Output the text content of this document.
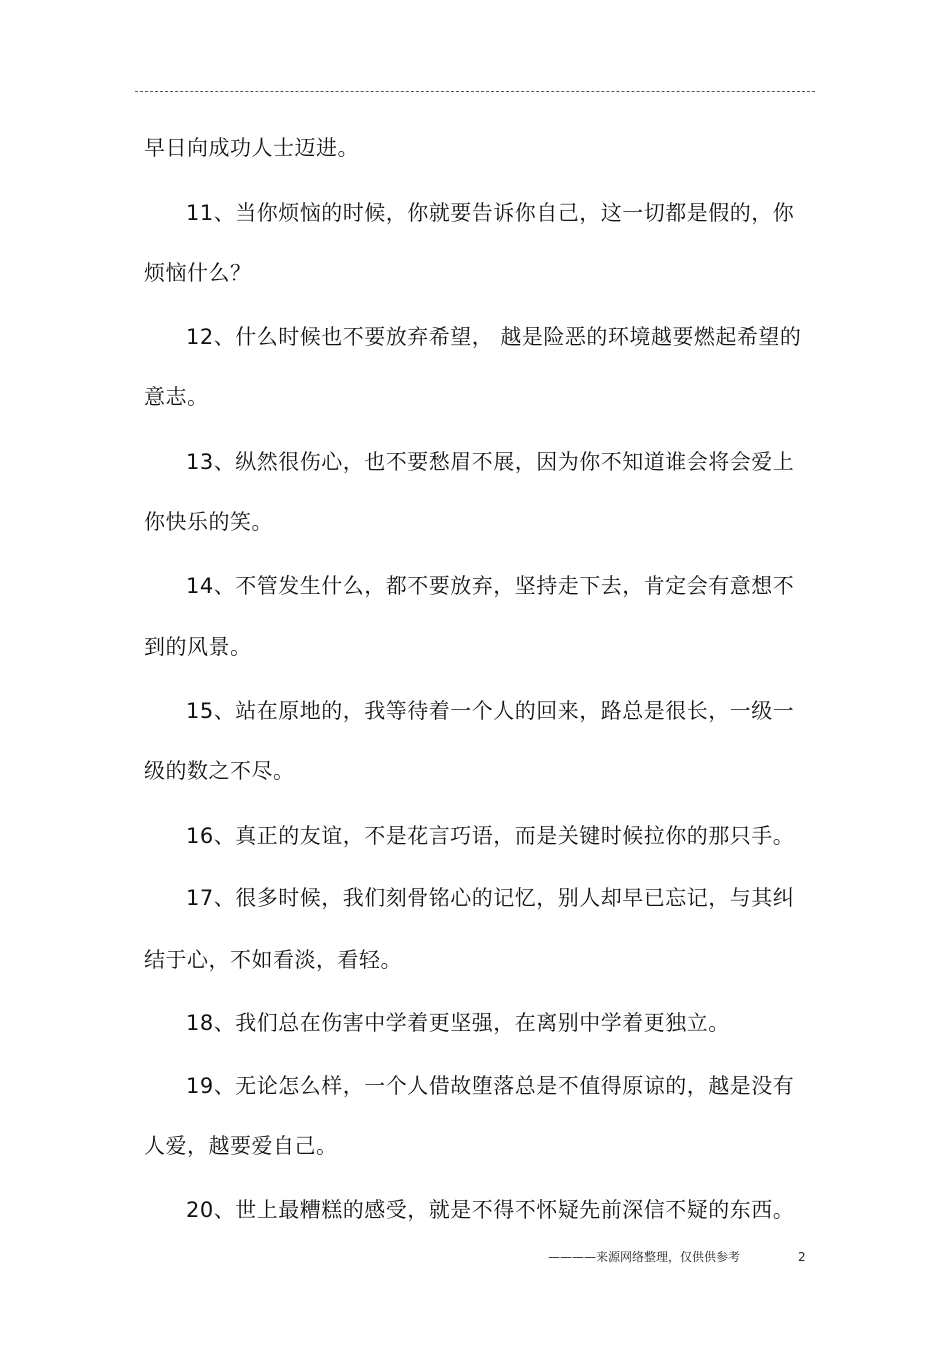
早日向成功人士迈进。
11、当你烦恼的时候，你就要告诉你自己，这一切都是假的，你
烦恼什么？
12、什么时候也不要放弃希望， 越是险恶的环境越要燃起希望的
意志。
13、纵然很伤心，也不要愁眉不展，因为你不知道谁会将会爱上
你快乐的笑。
14、不管发生什么，都不要放弃，坚持走下去，肯定会有意想不
到的风景。
15、站在原地的，我等待着一个人的回来，路总是很长，一级一
级的数之不尽。
16、真正的友谊，不是花言巧语，而是关键时候拉你的那只手。
17、很多时候，我们刻骨铭心的记忆，别人却早已忘记，与其纠
结于心，不如看淡，看轻。
18、我们总在伤害中学着更坚强，在离别中学着更独立。
19、无论怎么样，一个人借故堕落总是不值得原谅的，越是没有
人爱，越要爱自己。
20、世上最糟糕的感受，就是不得不怀疑先前深信不疑的东西。
————来源网络整理，仅供供参考	2
